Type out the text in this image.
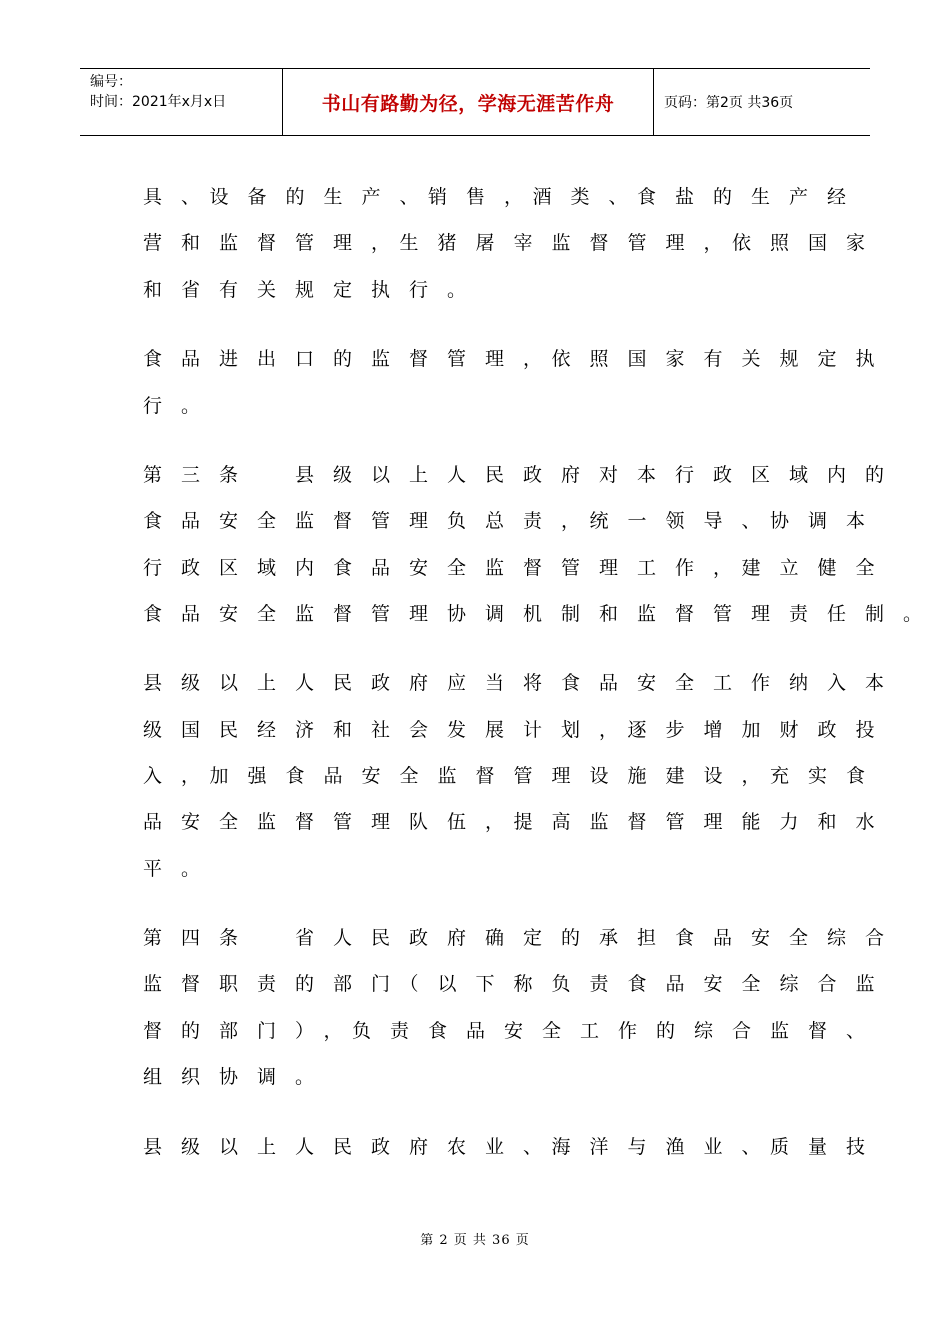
编号：
时间：2021年x月x日	书山有路勤为径，学海无涯苦作舟	页码：第2页 共36页
具　、　设　备　的　生　产　、　销　售　，　酒　类　、　食　盐　的　生　产　经
营　和　监　督　管　理　，　生　猪　屠　宰　监　督　管　理　，　依　照　国　家
和　省　有　关　规　定　执　行　。
食　品　进　出　口　的　监　督　管　理　，　依　照　国　家　有　关　规　定　执
行　。
第　三　条　　　县　级　以　上　人　民　政　府　对　本　行　政　区　域　内　的
食　品　安　全　监　督　管　理　负　总　责　，　统　一　领　导　、　协　调　本
行　政　区　域　内　食　品　安　全　监　督　管　理　工　作　，　建　立　健　全
食　品　安　全　监　督　管　理　协　调　机　制　和　监　督　管　理　责　任　制　。
县　级　以　上　人　民　政　府　应　当　将　食　品　安　全　工　作　纳　入　本
级　国　民　经　济　和　社　会　发　展　计　划　，　逐　步　增　加　财　政　投
入　，　加　强　食　品　安　全　监　督　管　理　设　施　建　设　，　充　实　食
品　安　全　监　督　管　理　队　伍　，　提　高　监　督　管　理　能　力　和　水
平　。
第　四　条　　　省　人　民　政　府　确　定　的　承　担　食　品　安　全　综　合
监　督　职　责　的　部　门　（　以　下　称　负　责　食　品　安　全　综　合　监
督　的　部　门　）　，　负　责　食　品　安　全　工　作　的　综　合　监　督　、
组　织　协　调　。
县　级　以　上　人　民　政　府　农　业　、　海　洋　与　渔　业　、　质　量　技
第 2 页 共 36 页
